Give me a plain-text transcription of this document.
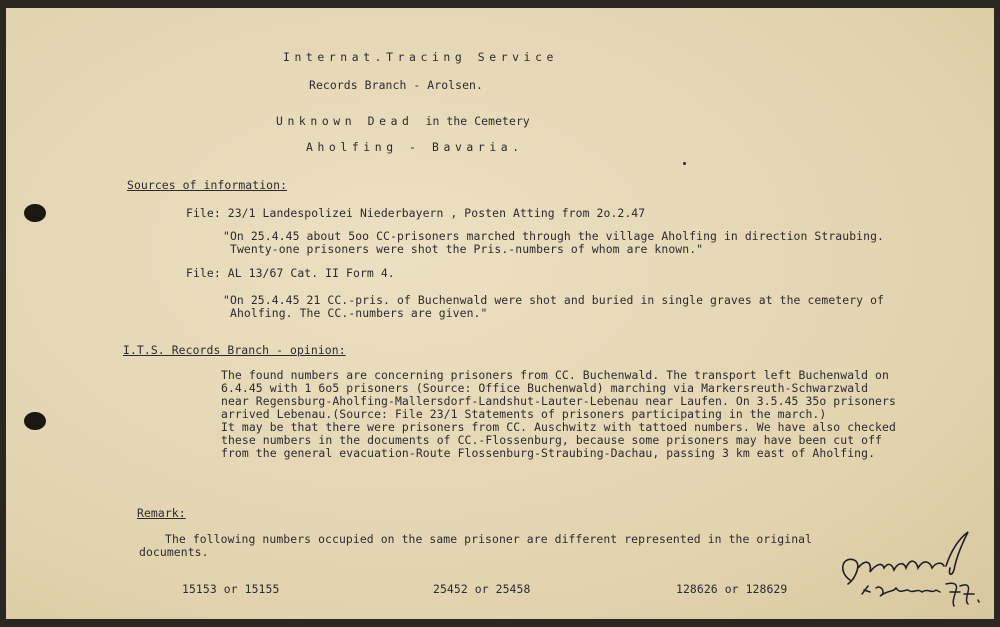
Internat.Tracing Service
Records Branch - Arolsen.
Unknown Dead in the Cemetery
Aholfing - Bavaria.
Sources of information:
File: 23/1 Landespolizei Niederbayern , Posten Atting from 2o.2.47
"On 25.4.45 about 5oo CC-prisoners marched through the village Aholfing in direction Straubing.
Twenty-one prisoners were shot the Pris.-numbers of whom are known."
File: AL 13/67 Cat. II Form 4.
"On 25.4.45 21 CC.-pris. of Buchenwald were shot and buried in single graves at the cemetery of
Aholfing. The CC.-numbers are given."
I.T.S. Records Branch - opinion:
The found numbers are concerning prisoners from CC. Buchenwald. The transport left Buchenwald on
6.4.45 with 1 6o5 prisoners (Source: Office Buchenwald) marching via Markersreuth-Schwarzwald
near Regensburg-Aholfing-Mallersdorf-Landshut-Lauter-Lebenau near Laufen. On 3.5.45 35o prisoners
arrived Lebenau.(Source: File 23/1 Statements of prisoners participating in the march.)
It may be that there were prisoners from CC. Auschwitz with tattoed numbers. We have also checked
these numbers in the documents of CC.-Flossenburg, because some prisoners may have been cut off
from the general evacuation-Route Flossenburg-Straubing-Dachau, passing 3 km east of Aholfing.
Remark:
The following numbers occupied on the same prisoner are different represented in the original
documents.
15153 or 15155	25452 or 25458	128626 or 128629
